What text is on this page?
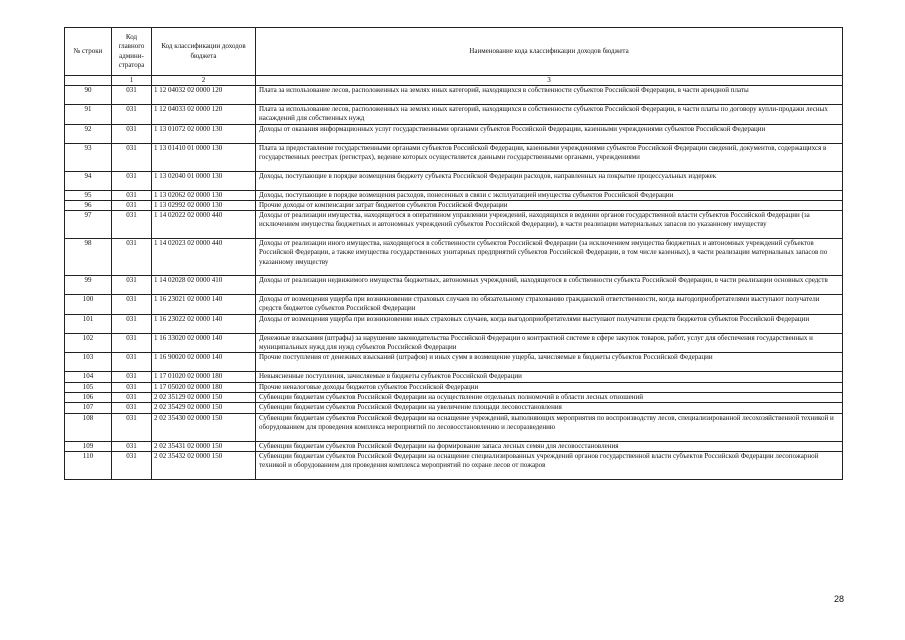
№ строки	Код главного админи-стратора	Код классификации доходов бюджета	Наименование кода классификации доходов бюджета
	1	2	3
90	031	1 12 04032 02 0000 120	Плата за использование лесов, расположенных на землях иных категорий, находящихся в собственности субъектов Российской Федерации, в части арендной платы
91	031	1 12 04033 02 0000 120	Плата за использование лесов, расположенных на землях иных категорий, находящихся в собственности субъектов Российской Федерации, в части платы по договору купли-продажи лесных насаждений для собственных нужд
92	031	1 13 01072 02 0000 130	Доходы от оказания информационных услуг государственными органами субъектов Российской Федерации, казенными учреждениями субъектов Российской Федерации
93	031	1 13 01410 01 0000 130	Плата за предоставление государственными органами субъектов Российской Федерации, казенными учреждениями субъектов Российской Федерации сведений, документов, содержащихся в государственных реестрах (регистрах), ведение которых осуществляется данными государственными органами, учреждениями
94	031	1 13 02040 01 0000 130	Доходы, поступающие в порядке возмещения бюджету субъекта Российской Федерации расходов, направленных на покрытие процессуальных издержек
95	031	1 13 02062 02 0000 130	Доходы, поступающие в порядке возмещения расходов, понесенных в связи с эксплуатацией имущества субъектов Российской Федерации
96	031	1 13 02992 02 0000 130	Прочие доходы от компенсации затрат бюджетов субъектов Российской Федерации
97	031	1 14 02022 02 0000 440	Доходы от реализации имущества, находящегося в оперативном управлении учреждений, находящихся в ведении органов государственной власти субъектов Российской Федерации (за исключением имущества бюджетных и автономных учреждений субъектов Российской Федерации), в части реализации материальных запасов по указанному имуществу
98	031	1 14 02023 02 0000 440	Доходы от реализации иного имущества, находящегося в собственности субъектов Российской Федерации (за исключением имущества бюджетных и автономных учреждений субъектов Российской Федерации, а также имущества государственных унитарных предприятий субъектов Российской Федерации, в том числе казенных), в части реализации материальных запасов по указанному имуществу
99	031	1 14 02028 02 0000 410	Доходы от реализации недвижимого имущества бюджетных, автономных учреждений, находящегося в собственности субъекта Российской Федерации, в части реализации основных средств
100	031	1 16 23021 02 0000 140	Доходы от возмещения ущерба при возникновении страховых случаев по обязательному страхованию гражданской ответственности, когда выгодоприобретателями выступают получатели средств бюджетов субъектов Российской Федерации
101	031	1 16 23022 02 0000 140	Доходы от возмещения ущерба при возникновении иных страховых случаев, когда выгодоприобретателями выступают получатели средств бюджетов субъектов Российской Федерации
102	031	1 16 33020 02 0000 140	Денежные взыскания (штрафы) за нарушение законодательства Российской Федерации о контрактной системе в сфере закупок товаров, работ, услуг для обеспечения государственных и муниципальных нужд для нужд субъектов Российской Федерации
103	031	1 16 90020 02 0000 140	Прочие поступления от денежных взысканий (штрафов) и иных сумм в возмещение ущерба, зачисляемые в бюджеты субъектов Российской Федерации
104	031	1 17 01020 02 0000 180	Невыясненные поступления, зачисляемые в бюджеты субъектов Российской Федерации
105	031	1 17 05020 02 0000 180	Прочие неналоговые доходы бюджетов субъектов Российской Федерации
106	031	2 02 35129 02 0000 150	Субвенции бюджетам субъектов Российской Федерации на осуществление отдельных полномочий в области лесных отношений
107	031	2 02 35429 02 0000 150	Субвенции бюджетам субъектов Российской Федерации на увеличение площади лесовосстановления
108	031	2 02 35430 02 0000 150	Субвенции бюджетам субъектов Российской Федерации на оснащение учреждений, выполняющих мероприятия по воспроизводству лесов, специализированной лесохозяйственной техникой и оборудованием для проведения комплекса мероприятий по лесовосстановлению и лесоразведению
109	031	2 02 35431 02 0000 150	Субвенции бюджетам субъектов Российской Федерации на формирование запаса лесных семян для лесовосстановления
110	031	2 02 35432 02 0000 150	Субвенции бюджетам субъектов Российской Федерации на оснащение специализированных учреждений органов государственной власти субъектов Российской Федерации лесопожарной техникой и оборудованием для проведения комплекса мероприятий по охране лесов от пожаров
28
